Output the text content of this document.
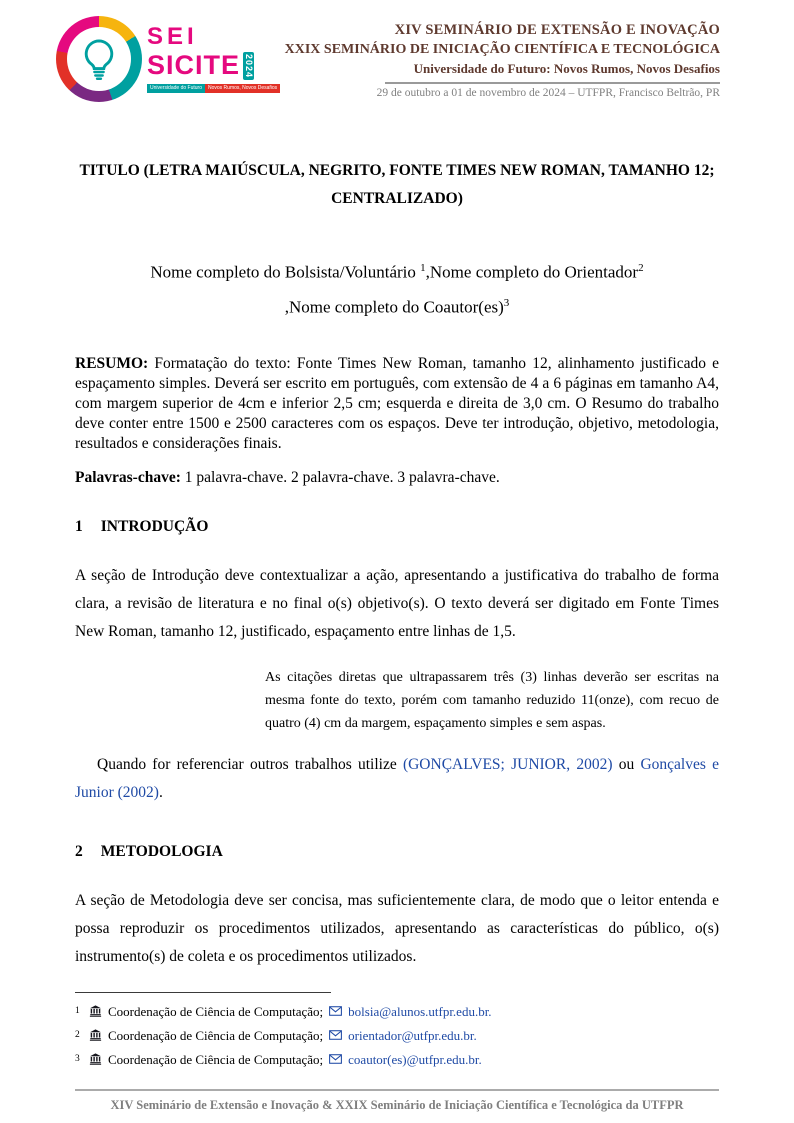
SEI
SICITE 2024
Universidade do Futuro	Novos Rumos, Novos Desafios
XIV SEMINÁRIO DE EXTENSÃO E INOVAÇÃO
XXIX SEMINÁRIO DE INICIAÇÃO CIENTÍFICA E TECNOLÓGICA
Universidade do Futuro: Novos Rumos, Novos Desafios
29 de outubro a 01 de novembro de 2024 – UTFPR, Francisco Beltrão, PR
TITULO (LETRA MAIÚSCULA, NEGRITO, FONTE TIMES NEW ROMAN, TAMANHO 12; CENTRALIZADO)
Nome completo do Bolsista/Voluntário $^1$,Nome completo do Orientador$^2$
,Nome completo do Coautor(es)$^3$

RESUMO: Formatação do texto: Fonte Times New Roman, tamanho 12, alinhamento justificado e espaçamento simples. Deverá ser escrito em português, com extensão de 4 a 6 páginas em tamanho A4, com margem superior de 4cm e inferior 2,5 cm; esquerda e direita de 3,0 cm. O Resumo do trabalho deve conter entre 1500 e 2500 caracteres com os espaços. Deve ter introdução, objetivo, metodologia, resultados e considerações finais.

Palavras-chave: 1 palavra-chave. 2 palavra-chave. 3 palavra-chave.

1 INTRODUÇÃO

A seção de Introdução deve contextualizar a ação, apresentando a justificativa do trabalho de forma clara, a revisão de literatura e no final o(s) objetivo(s). O texto deverá ser digitado em Fonte Times New Roman, tamanho 12, justificado, espaçamento entre linhas de 1,5.

As citações diretas que ultrapassarem três (3) linhas deverão ser escritas na mesma fonte do texto, porém com tamanho reduzido 11(onze), com recuo de quatro (4) cm da margem, espaçamento simples e sem aspas.

Quando for referenciar outros trabalhos utilize (GONÇALVES; JUNIOR, 2002) ou Gonçalves e Junior (2002).

2 METODOLOGIA

A seção de Metodologia deve ser concisa, mas suficientemente clara, de modo que o leitor entenda e possa reproduzir os procedimentos utilizados, apresentando as características do público, o(s) instrumento(s) de coleta e os procedimentos utilizados.

1 Coordenação de Ciência de Computação; bolsia@alunos.utfpr.edu.br.
2 Coordenação de Ciência de Computação; orientador@utfpr.edu.br.
3 Coordenação de Ciência de Computação; coautor(es)@utfpr.edu.br.
XIV Seminário de Extensão e Inovação & XXIX Seminário de Iniciação Científica e Tecnológica da UTFPR
